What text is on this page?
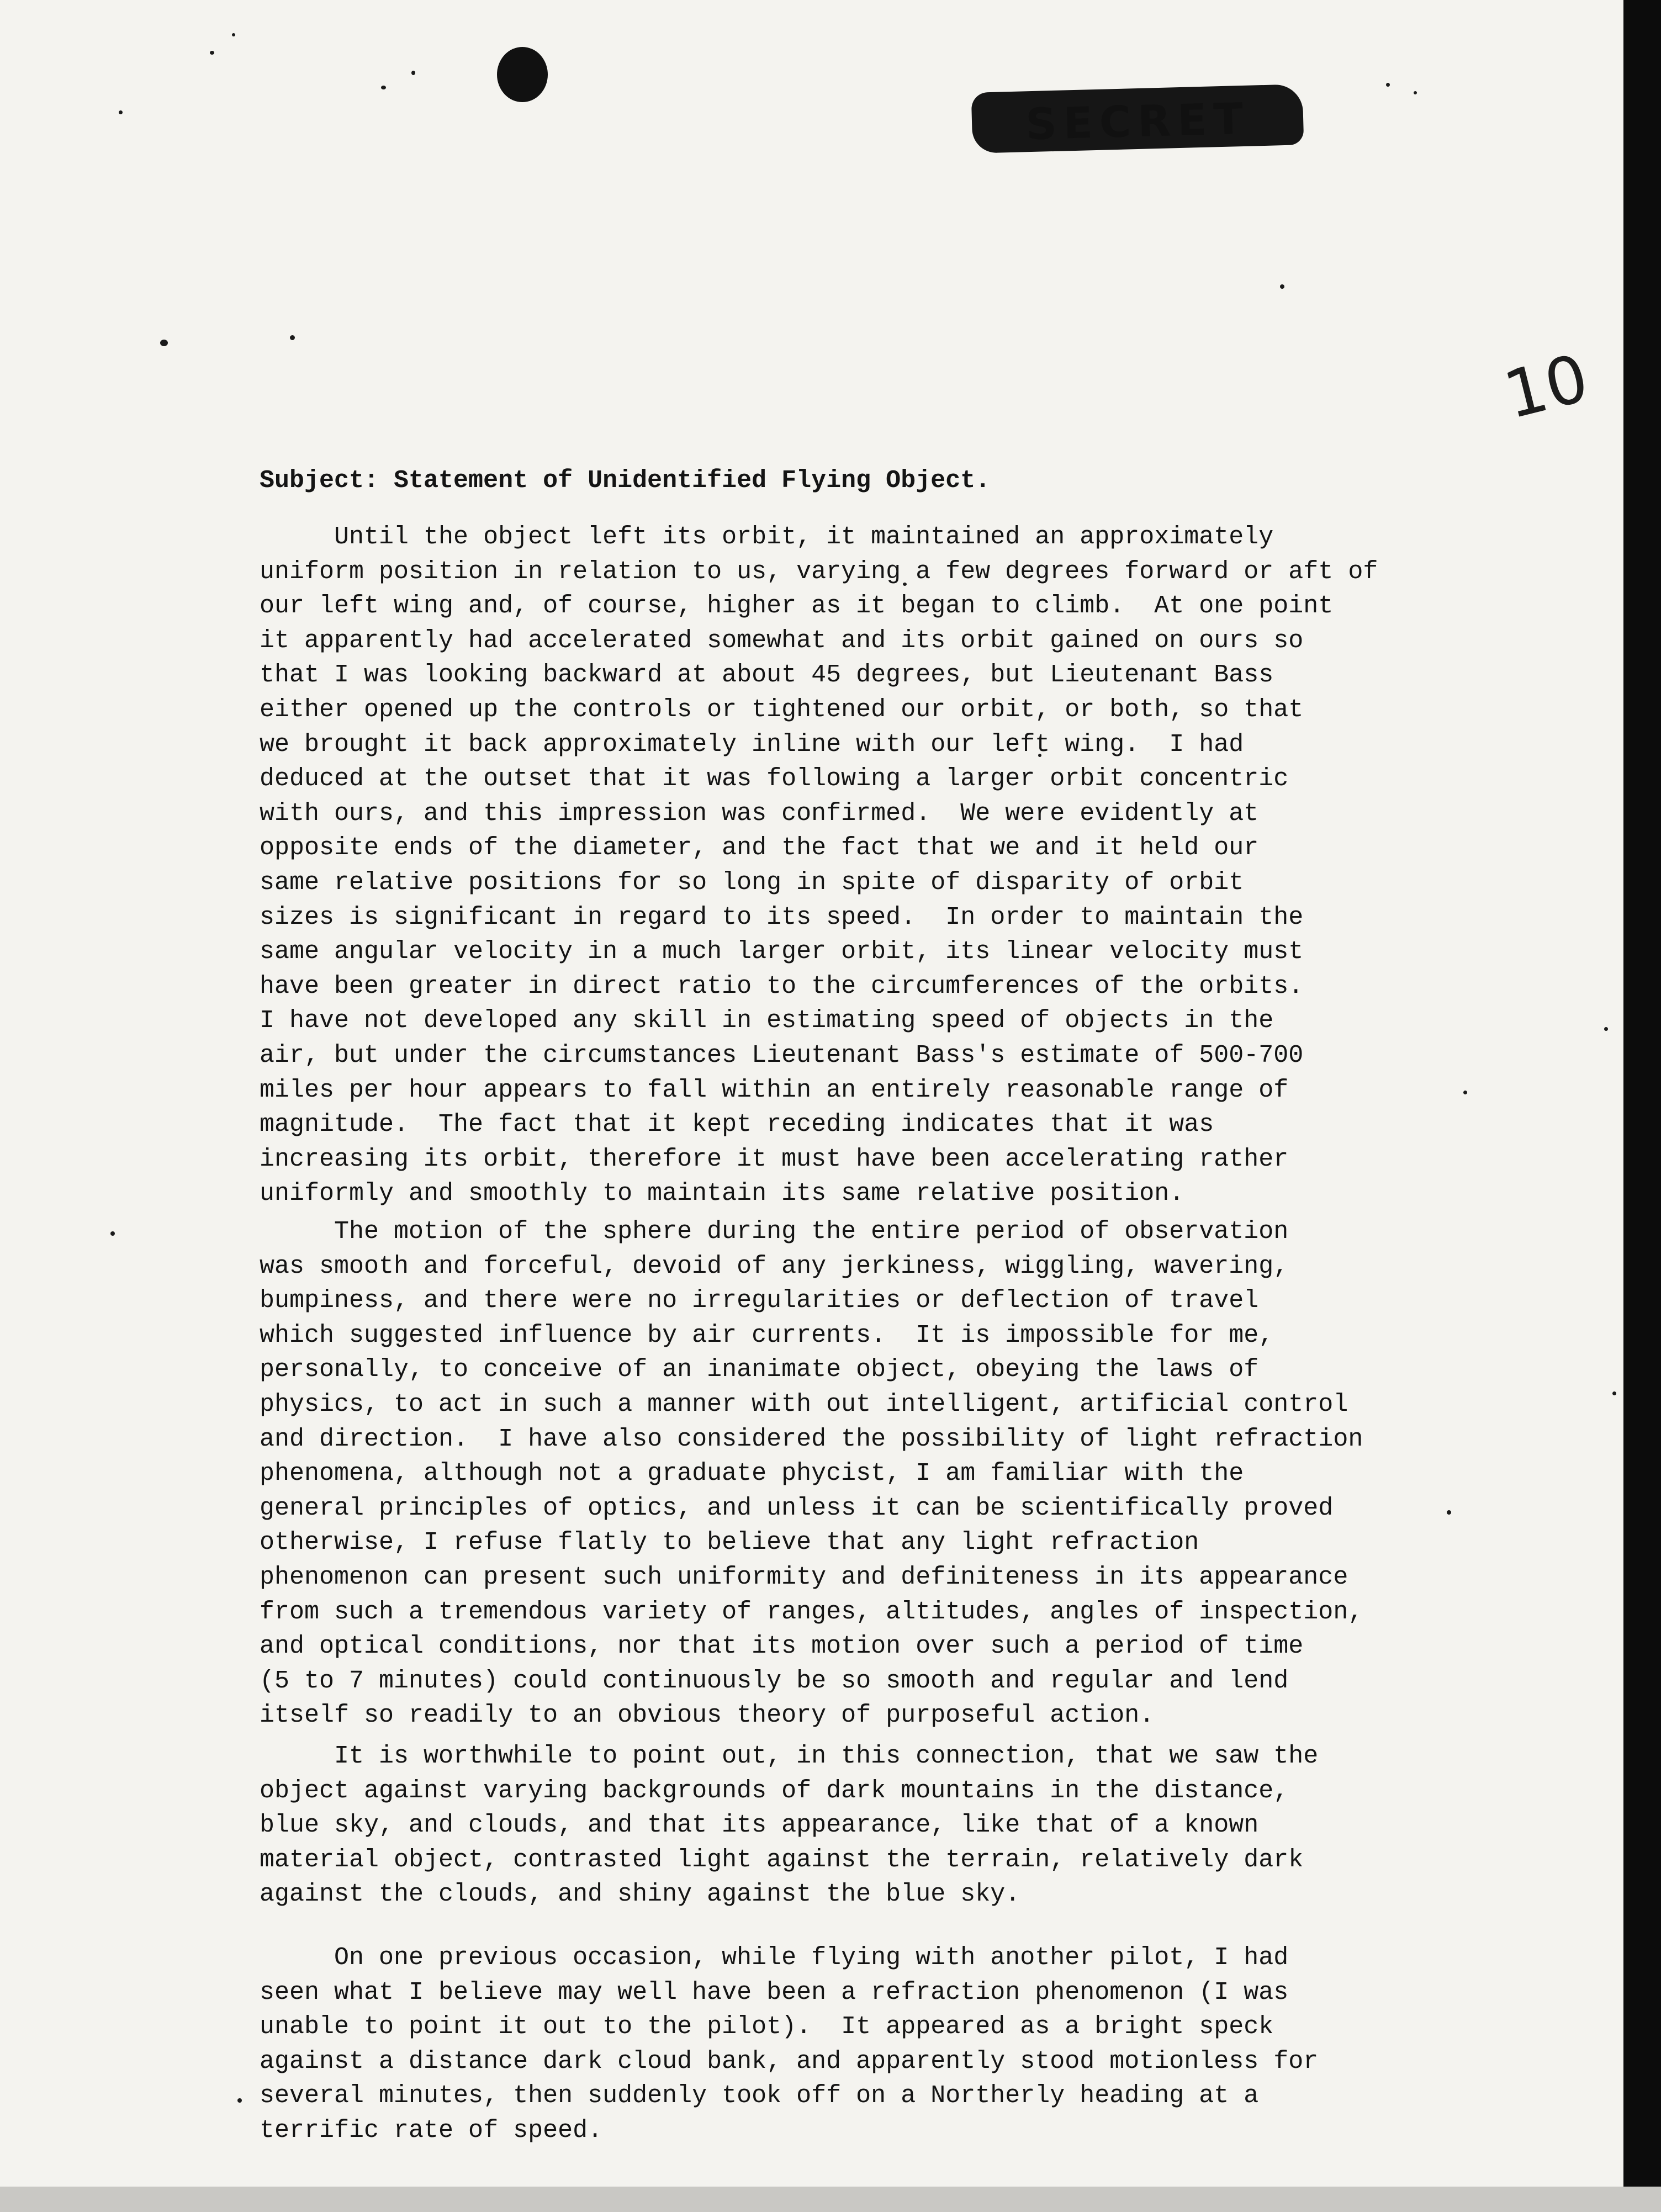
SECRET
10
Subject: Statement of Unidentified Flying Object.

Until the object left its orbit, it maintained an approximately

uniform position in relation to us, varying a few degrees forward or aft of

our left wing and, of course, higher as it began to climb.  At one point

it apparently had accelerated somewhat and its orbit gained on ours so

that I was looking backward at about 45 degrees, but Lieutenant Bass

either opened up the controls or tightened our orbit, or both, so that

we brought it back approximately inline with our left wing.  I had

deduced at the outset that it was following a larger orbit concentric

with ours, and this impression was confirmed.  We were evidently at

opposite ends of the diameter, and the fact that we and it held our

same relative positions for so long in spite of disparity of orbit

sizes is significant in regard to its speed.  In order to maintain the

same angular velocity in a much larger orbit, its linear velocity must

have been greater in direct ratio to the circumferences of the orbits.

I have not developed any skill in estimating speed of objects in the

air, but under the circumstances Lieutenant Bass's estimate of 500-700

miles per hour appears to fall within an entirely reasonable range of

magnitude.  The fact that it kept receding indicates that it was

increasing its orbit, therefore it must have been accelerating rather

uniformly and smoothly to maintain its same relative position.

The motion of the sphere during the entire period of observation

was smooth and forceful, devoid of any jerkiness, wiggling, wavering,

bumpiness, and there were no irregularities or deflection of travel

which suggested influence by air currents.  It is impossible for me,

personally, to conceive of an inanimate object, obeying the laws of

physics, to act in such a manner with out intelligent, artificial control

and direction.  I have also considered the possibility of light refraction

phenomena, although not a graduate phycist, I am familiar with the

general principles of optics, and unless it can be scientifically proved

otherwise, I refuse flatly to believe that any light refraction

phenomenon can present such uniformity and definiteness in its appearance

from such a tremendous variety of ranges, altitudes, angles of inspection,

and optical conditions, nor that its motion over such a period of time

(5 to 7 minutes) could continuously be so smooth and regular and lend

itself so readily to an obvious theory of purposeful action.

It is worthwhile to point out, in this connection, that we saw the

object against varying backgrounds of dark mountains in the distance,

blue sky, and clouds, and that its appearance, like that of a known

material object, contrasted light against the terrain, relatively dark

against the clouds, and shiny against the blue sky.

On one previous occasion, while flying with another pilot, I had

seen what I believe may well have been a refraction phenomenon (I was

unable to point it out to the pilot).  It appeared as a bright speck

against a distance dark cloud bank, and apparently stood motionless for

several minutes, then suddenly took off on a Northerly heading at a

terrific rate of speed.
